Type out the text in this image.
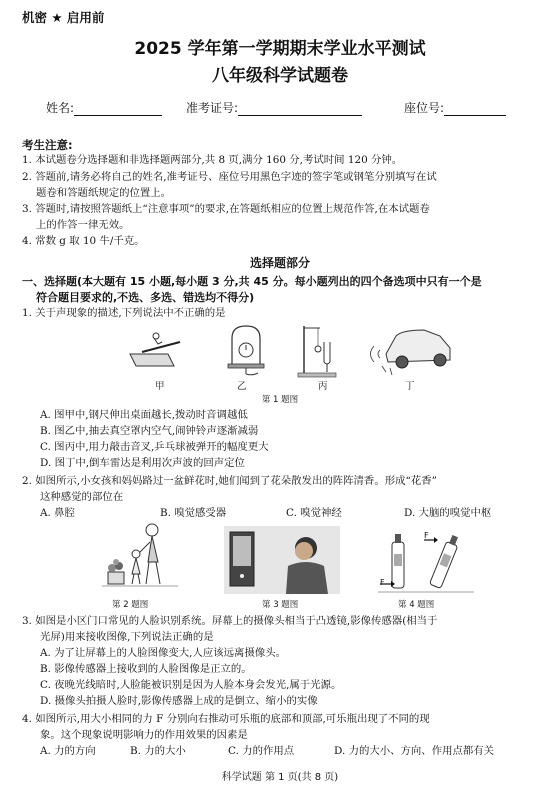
机密 ★ 启用前
2025 学年第一学期期末学业水平测试
八年级科学试题卷
姓名:	准考证号:	座位号:
考生注意:
1. 本试题卷分选择题和非选择题两部分,共 8 页,满分 160 分,考试时间 120 分钟。
2. 答题前,请务必将自己的姓名,准考证号、座位号用黑色字迹的签字笔或钢笔分别填写在试
题卷和答题纸规定的位置上。
3. 答题时,请按照答题纸上“注意事项”的要求,在答题纸相应的位置上规范作答,在本试题卷
上的作答一律无效。
4. 常数 g 取 10 牛/千克。
选择题部分
一、选择题(本大题有 15 小题,每小题 3 分,共 45 分。每小题列出的四个备选项中只有一个是
符合题目要求的,不选、多选、错选均不得分)
1. 关于声现象的描述,下列说法中不正确的是
甲	乙	丙	丁
第 1 题图
A. 图甲中,钢尺伸出桌面越长,拨动时音调越低
B. 图乙中,抽去真空罩内空气,闹钟铃声逐渐减弱
C. 图丙中,用力敲击音叉,乒乓球被弹开的幅度更大
D. 图丁中,倒车雷达是利用次声波的回声定位
2. 如图所示,小女孩和妈妈路过一盆鲜花时,她们闻到了花朵散发出的阵阵清香。形成“花香”
这种感觉的部位在
A. 鼻腔	B. 嗅觉感受器	C. 嗅觉神经	D. 大脑的嗅觉中枢
F
F
第 2 题图	第 3 题图	第 4 题图
3. 如图是小区门口常见的人脸识别系统。屏幕上的摄像头相当于凸透镜,影像传感器(相当于
光屏)用来接收图像,下列说法正确的是
A. 为了让屏幕上的人脸图像变大,人应该远离摄像头。
B. 影像传感器上接收到的人脸图像是正立的。
C. 夜晚光线暗时,人脸能被识别是因为人脸本身会发光,属于光源。
D. 摄像头拍摄人脸时,影像传感器上成的是倒立、缩小的实像
4. 如图所示,用大小相同的力 F 分别向右推动可乐瓶的底部和顶部,可乐瓶出现了不同的现
象。这个现象说明影响力的作用效果的因素是
A. 力的方向	B. 力的大小	C. 力的作用点	D. 力的大小、方向、作用点都有关
科学试题 第 1 页(共 8 页)
